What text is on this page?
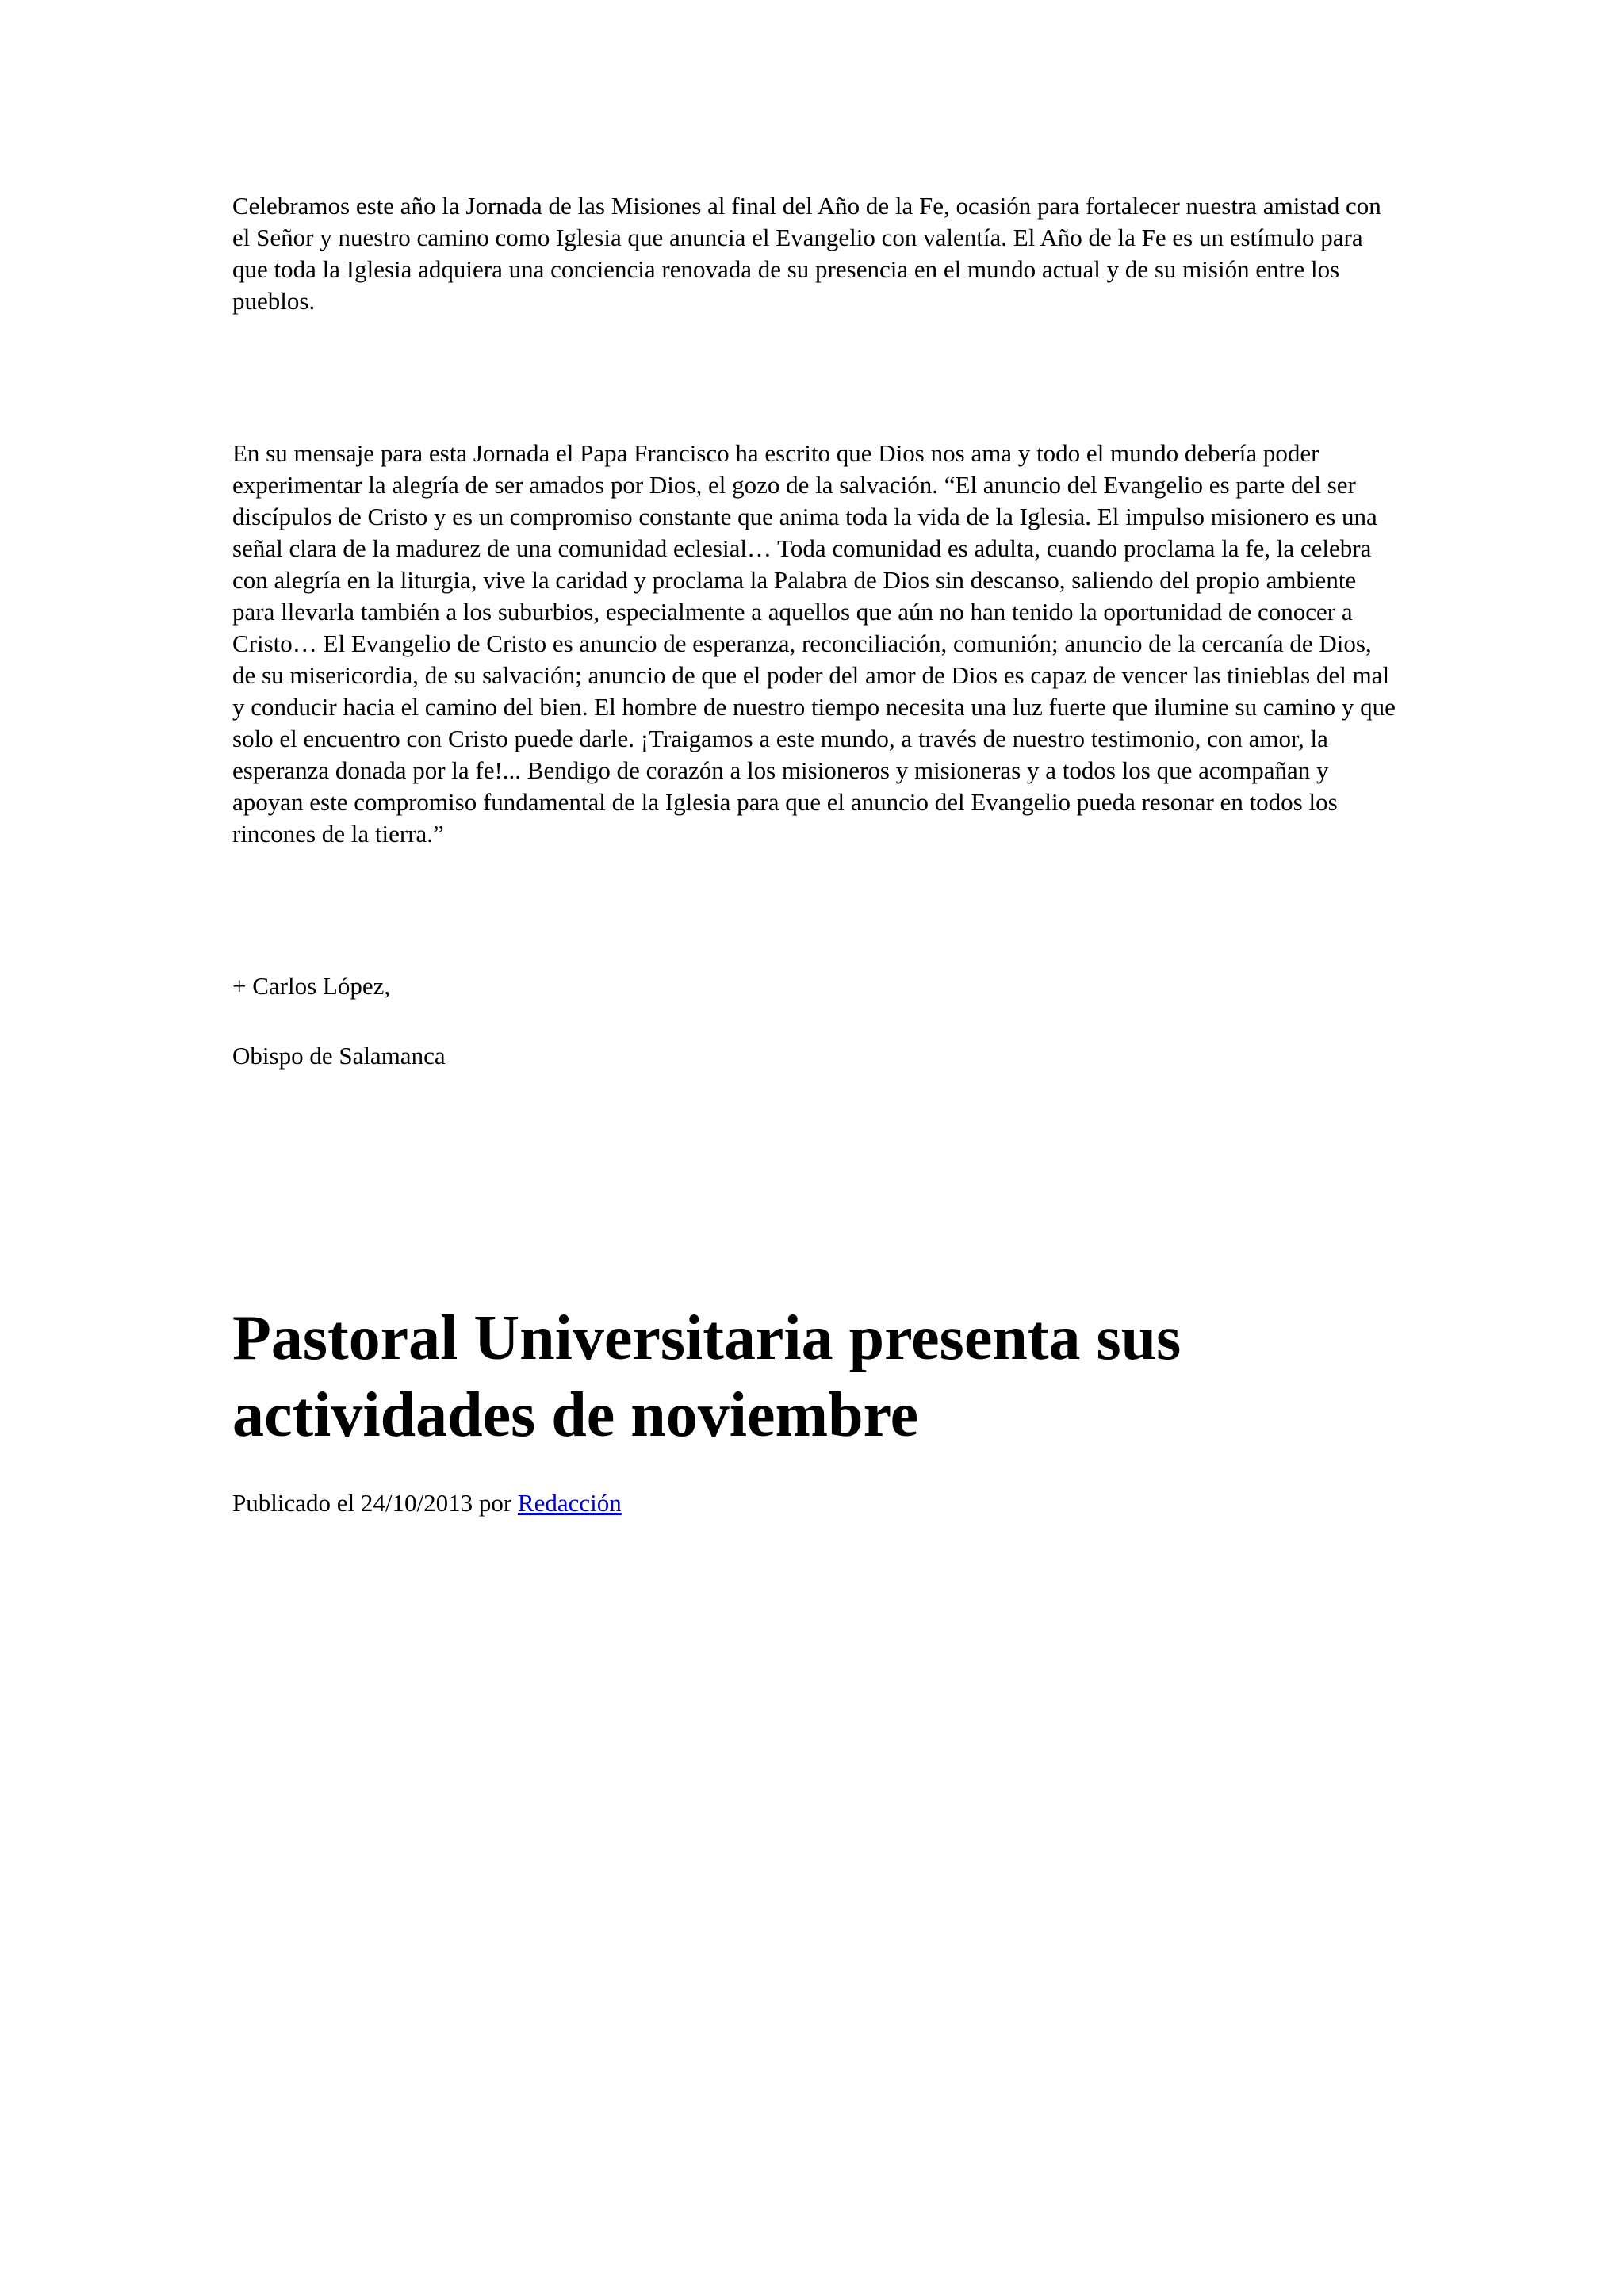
Celebramos este año la Jornada de las Misiones al final del Año de la Fe, ocasión para fortalecer nuestra amistad con el Señor y nuestro camino como Iglesia que anuncia el Evangelio con valentía. El Año de la Fe es un estímulo para que toda la Iglesia adquiera una conciencia renovada de su presencia en el mundo actual y de su misión entre los pueblos.

En su mensaje para esta Jornada el Papa Francisco ha escrito que Dios nos ama y todo el mundo debería poder experimentar la alegría de ser amados por Dios, el gozo de la salvación. “El anuncio del Evangelio es parte del ser discípulos de Cristo y es un compromiso constante que anima toda la vida de la Iglesia. El impulso misionero es una señal clara de la madurez de una comunidad eclesial… Toda comunidad es adulta, cuando proclama la fe, la celebra con alegría en la liturgia, vive la caridad y proclama la Palabra de Dios sin descanso, saliendo del propio ambiente para llevarla también a los suburbios, especialmente a aquellos que aún no han tenido la oportunidad de conocer a Cristo… El Evangelio de Cristo es anuncio de esperanza, reconciliación, comunión; anuncio de la cercanía de Dios, de su misericordia, de su salvación; anuncio de que el poder del amor de Dios es capaz de vencer las tinieblas del mal y conducir hacia el camino del bien. El hombre de nuestro tiempo necesita una luz fuerte que ilumine su camino y que solo el encuentro con Cristo puede darle. ¡Traigamos a este mundo, a través de nuestro testimonio, con amor, la esperanza donada por la fe!... Bendigo de corazón a los misioneros y misioneras y a todos los que acompañan y apoyan este compromiso fundamental de la Iglesia para que el anuncio del Evangelio pueda resonar en todos los rincones de la tierra.”

+ Carlos López,

Obispo de Salamanca

Pastoral Universitaria presenta sus actividades de noviembre

Publicado el 24/10/2013 por Redacción
